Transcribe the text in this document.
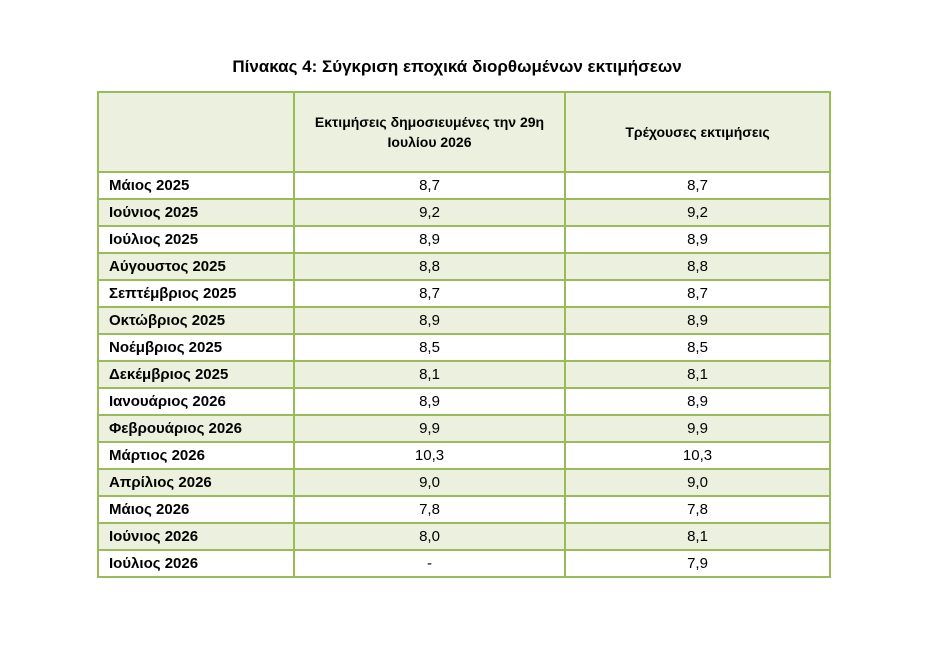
Πίνακας 4: Σύγκριση εποχικά διορθωμένων εκτιμήσεων
	Εκτιμήσεις δημοσιευμένες την 29η Ιουλίου 2026	Τρέχουσες εκτιμήσεις
Μάιος 2025	8,7	8,7
Ιούνιος 2025	9,2	9,2
Ιούλιος 2025	8,9	8,9
Αύγουστος 2025	8,8	8,8
Σεπτέμβριος 2025	8,7	8,7
Οκτώβριος 2025	8,9	8,9
Νοέμβριος 2025	8,5	8,5
Δεκέμβριος 2025	8,1	8,1
Ιανουάριος 2026	8,9	8,9
Φεβρουάριος 2026	9,9	9,9
Μάρτιος 2026	10,3	10,3
Απρίλιος 2026	9,0	9,0
Μάιος 2026	7,8	7,8
Ιούνιος 2026	8,0	8,1
Ιούλιος 2026	-	7,9
